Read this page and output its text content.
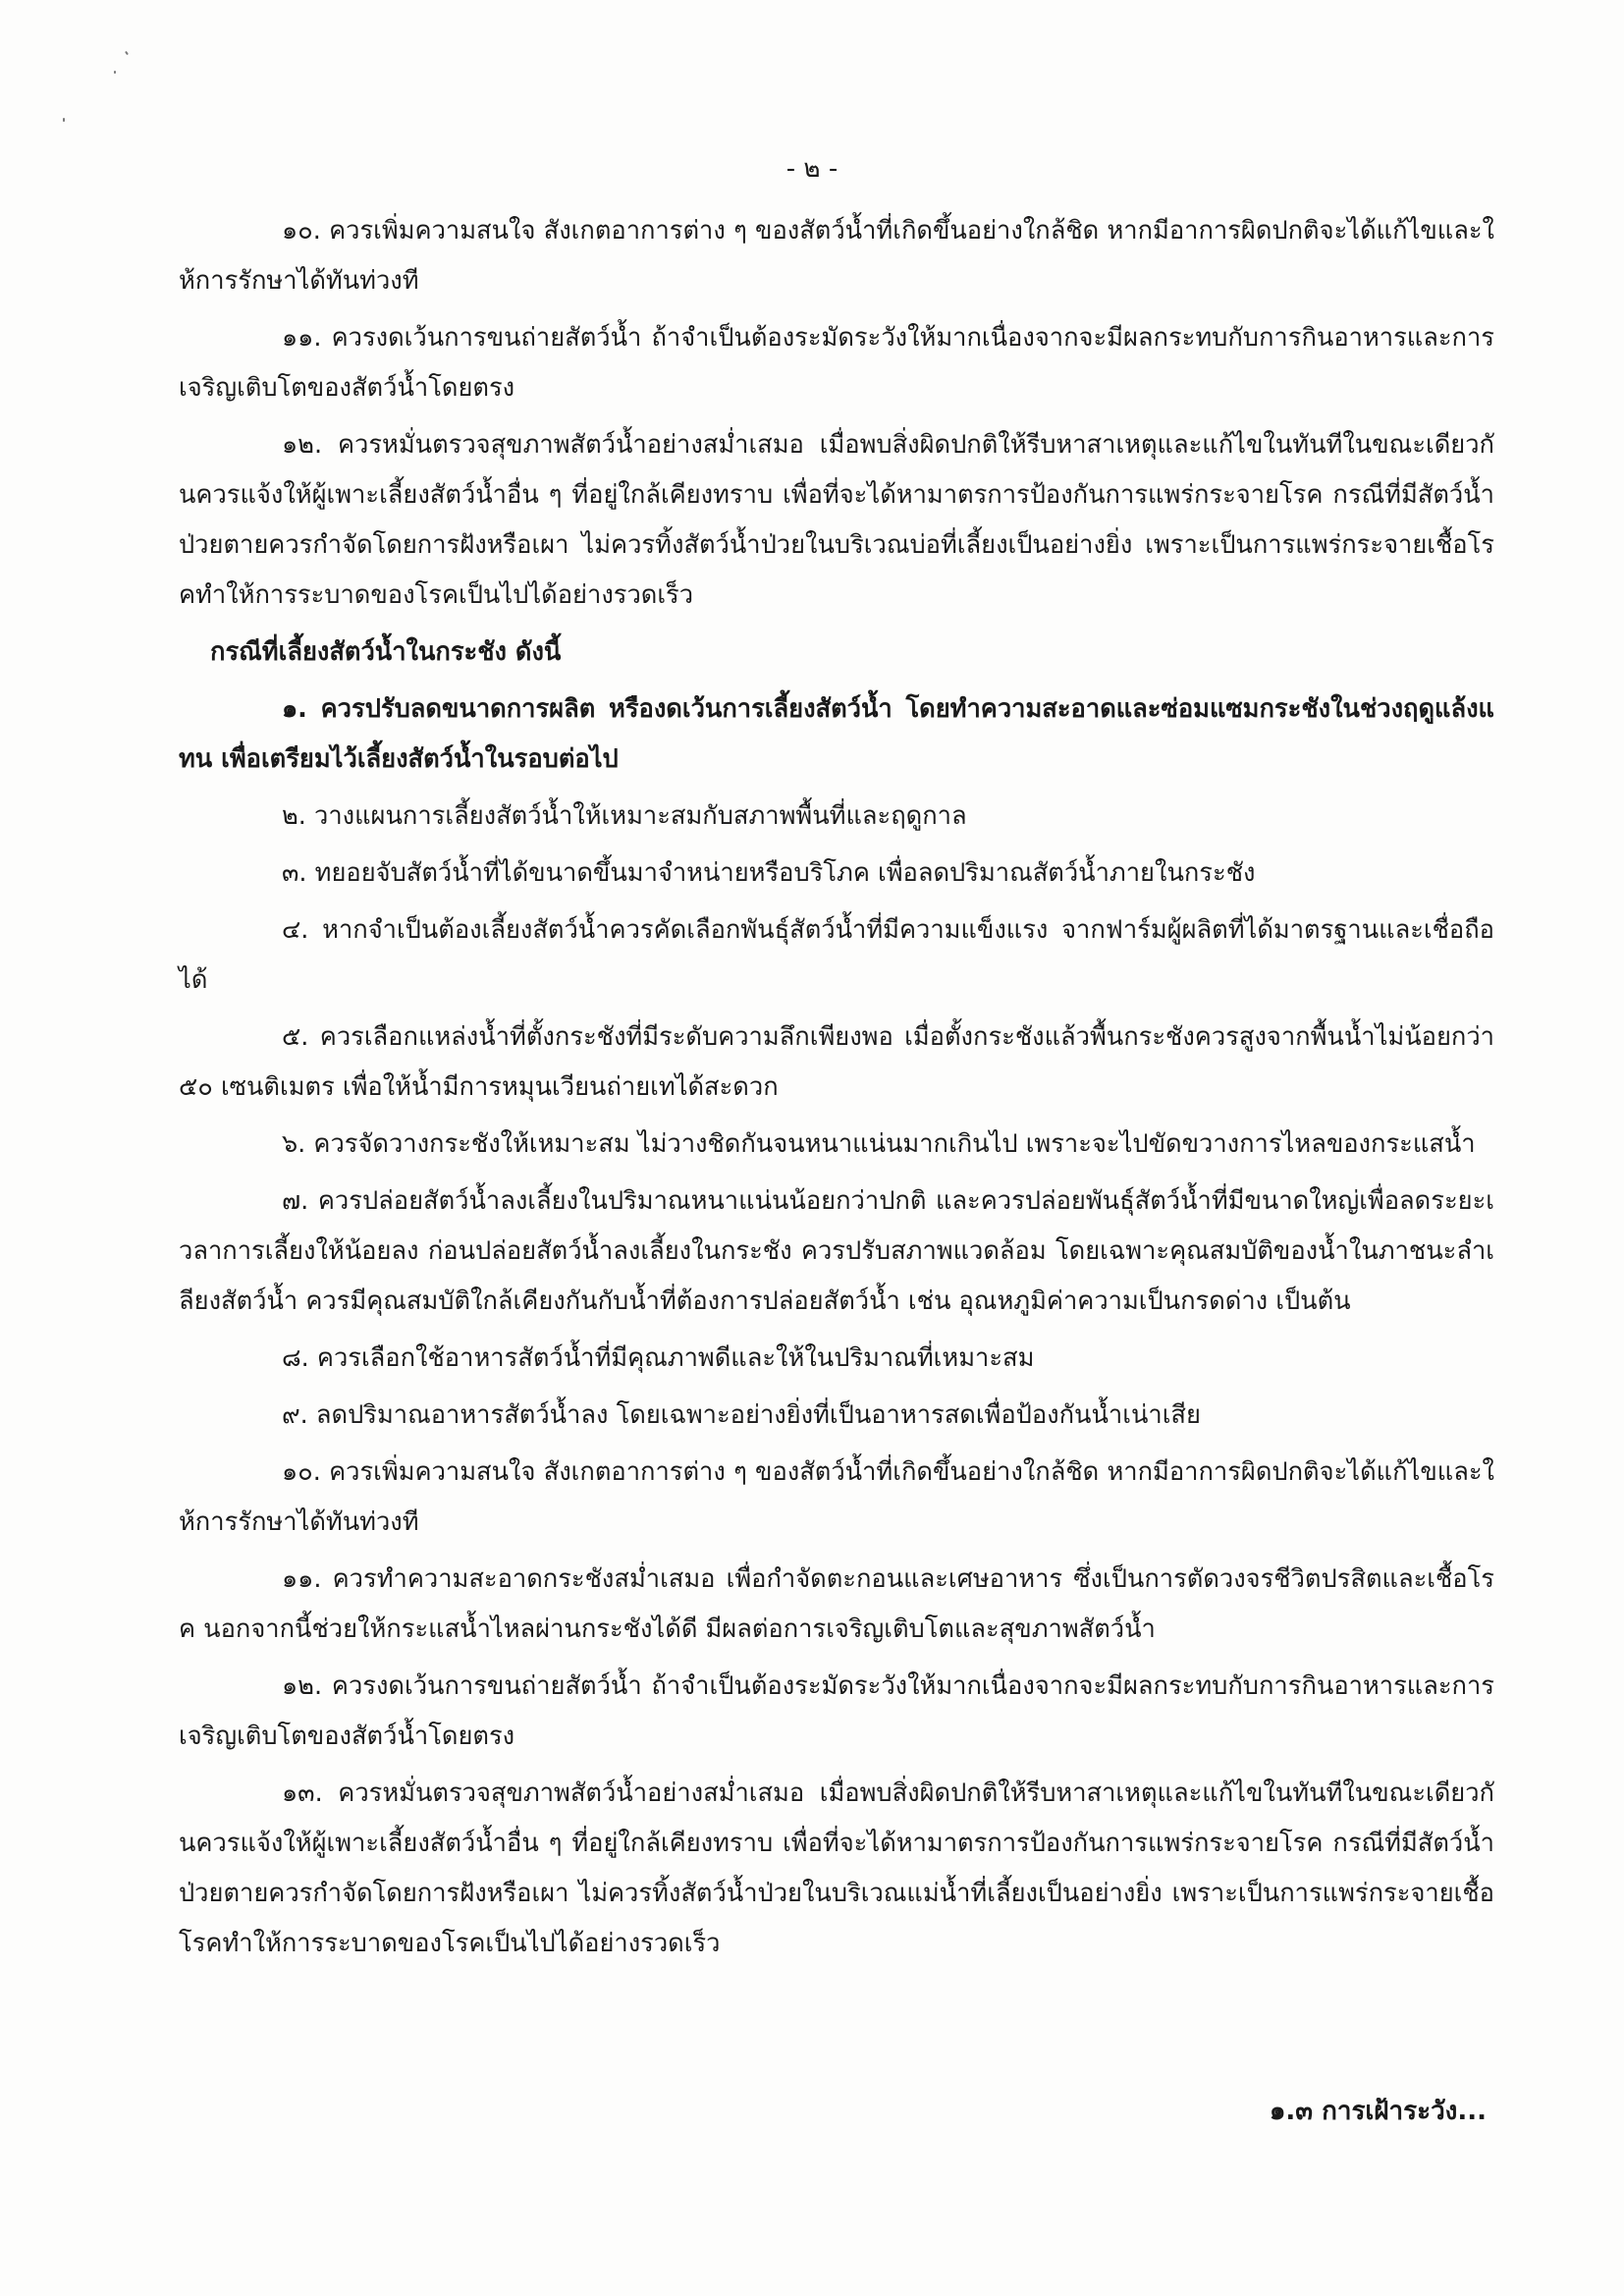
- ๒ -

๑๐. ควรเพิ่มความสนใจ สังเกตอาการต่าง ๆ ของสัตว์น้ำที่เกิดขึ้นอย่างใกล้ชิด หากมีอาการผิดปกติจะได้แก้ไขและให้การรักษาได้ทันท่วงที

๑๑. ควรงดเว้นการขนถ่ายสัตว์น้ำ ถ้าจำเป็นต้องระมัดระวังให้มากเนื่องจากจะมีผลกระทบกับการกินอาหารและการเจริญเติบโตของสัตว์น้ำโดยตรง

๑๒. ควรหมั่นตรวจสุขภาพสัตว์น้ำอย่างสม่ำเสมอ เมื่อพบสิ่งผิดปกติให้รีบหาสาเหตุและแก้ไขในทันทีในขณะเดียวกันควรแจ้งให้ผู้เพาะเลี้ยงสัตว์น้ำอื่น ๆ ที่อยู่ใกล้เคียงทราบ เพื่อที่จะได้หามาตรการป้องกันการแพร่กระจายโรค กรณีที่มีสัตว์น้ำป่วยตายควรกำจัดโดยการฝังหรือเผา ไม่ควรทิ้งสัตว์น้ำป่วยในบริเวณบ่อที่เลี้ยงเป็นอย่างยิ่ง เพราะเป็นการแพร่กระจายเชื้อโรคทำให้การระบาดของโรคเป็นไปได้อย่างรวดเร็ว

กรณีที่เลี้ยงสัตว์น้ำในกระชัง ดังนี้

๑. ควรปรับลดขนาดการผลิต หรืองดเว้นการเลี้ยงสัตว์น้ำ โดยทำความสะอาดและซ่อมแซมกระชังในช่วงฤดูแล้งแทน เพื่อเตรียมไว้เลี้ยงสัตว์น้ำในรอบต่อไป

๒. วางแผนการเลี้ยงสัตว์น้ำให้เหมาะสมกับสภาพพื้นที่และฤดูกาล

๓. ทยอยจับสัตว์น้ำที่ได้ขนาดขึ้นมาจำหน่ายหรือบริโภค เพื่อลดปริมาณสัตว์น้ำภายในกระชัง

๔. หากจำเป็นต้องเลี้ยงสัตว์น้ำควรคัดเลือกพันธุ์สัตว์น้ำที่มีความแข็งแรง จากฟาร์มผู้ผลิตที่ได้มาตรฐานและเชื่อถือได้

๕. ควรเลือกแหล่งน้ำที่ตั้งกระชังที่มีระดับความลึกเพียงพอ เมื่อตั้งกระชังแล้วพื้นกระชังควรสูงจากพื้นน้ำไม่น้อยกว่า ๕๐ เซนติเมตร เพื่อให้น้ำมีการหมุนเวียนถ่ายเทได้สะดวก

๖. ควรจัดวางกระชังให้เหมาะสม ไม่วางชิดกันจนหนาแน่นมากเกินไป เพราะจะไปขัดขวางการไหลของกระแสน้ำ

๗. ควรปล่อยสัตว์น้ำลงเลี้ยงในปริมาณหนาแน่นน้อยกว่าปกติ และควรปล่อยพันธุ์สัตว์น้ำที่มีขนาดใหญ่เพื่อลดระยะเวลาการเลี้ยงให้น้อยลง ก่อนปล่อยสัตว์น้ำลงเลี้ยงในกระชัง ควรปรับสภาพแวดล้อม โดยเฉพาะคุณสมบัติของน้ำในภาชนะลำเลียงสัตว์น้ำ ควรมีคุณสมบัติใกล้เคียงกันกับน้ำที่ต้องการปล่อยสัตว์น้ำ เช่น อุณหภูมิค่าความเป็นกรดด่าง เป็นต้น

๘. ควรเลือกใช้อาหารสัตว์น้ำที่มีคุณภาพดีและให้ในปริมาณที่เหมาะสม

๙. ลดปริมาณอาหารสัตว์น้ำลง โดยเฉพาะอย่างยิ่งที่เป็นอาหารสดเพื่อป้องกันน้ำเน่าเสีย

๑๐. ควรเพิ่มความสนใจ สังเกตอาการต่าง ๆ ของสัตว์น้ำที่เกิดขึ้นอย่างใกล้ชิด หากมีอาการผิดปกติจะได้แก้ไขและให้การรักษาได้ทันท่วงที

๑๑. ควรทำความสะอาดกระชังสม่ำเสมอ เพื่อกำจัดตะกอนและเศษอาหาร ซึ่งเป็นการตัดวงจรชีวิตปรสิตและเชื้อโรค นอกจากนี้ช่วยให้กระแสน้ำไหลผ่านกระชังได้ดี มีผลต่อการเจริญเติบโตและสุขภาพสัตว์น้ำ

๑๒. ควรงดเว้นการขนถ่ายสัตว์น้ำ ถ้าจำเป็นต้องระมัดระวังให้มากเนื่องจากจะมีผลกระทบกับการกินอาหารและการเจริญเติบโตของสัตว์น้ำโดยตรง

๑๓. ควรหมั่นตรวจสุขภาพสัตว์น้ำอย่างสม่ำเสมอ เมื่อพบสิ่งผิดปกติให้รีบหาสาเหตุและแก้ไขในทันทีในขณะเดียวกันควรแจ้งให้ผู้เพาะเลี้ยงสัตว์น้ำอื่น ๆ ที่อยู่ใกล้เคียงทราบ เพื่อที่จะได้หามาตรการป้องกันการแพร่กระจายโรค กรณีที่มีสัตว์น้ำป่วยตายควรกำจัดโดยการฝังหรือเผา ไม่ควรทิ้งสัตว์น้ำป่วยในบริเวณแม่น้ำที่เลี้ยงเป็นอย่างยิ่ง เพราะเป็นการแพร่กระจายเชื้อโรคทำให้การระบาดของโรคเป็นไปได้อย่างรวดเร็ว

๑.๓ การเฝ้าระวัง...
